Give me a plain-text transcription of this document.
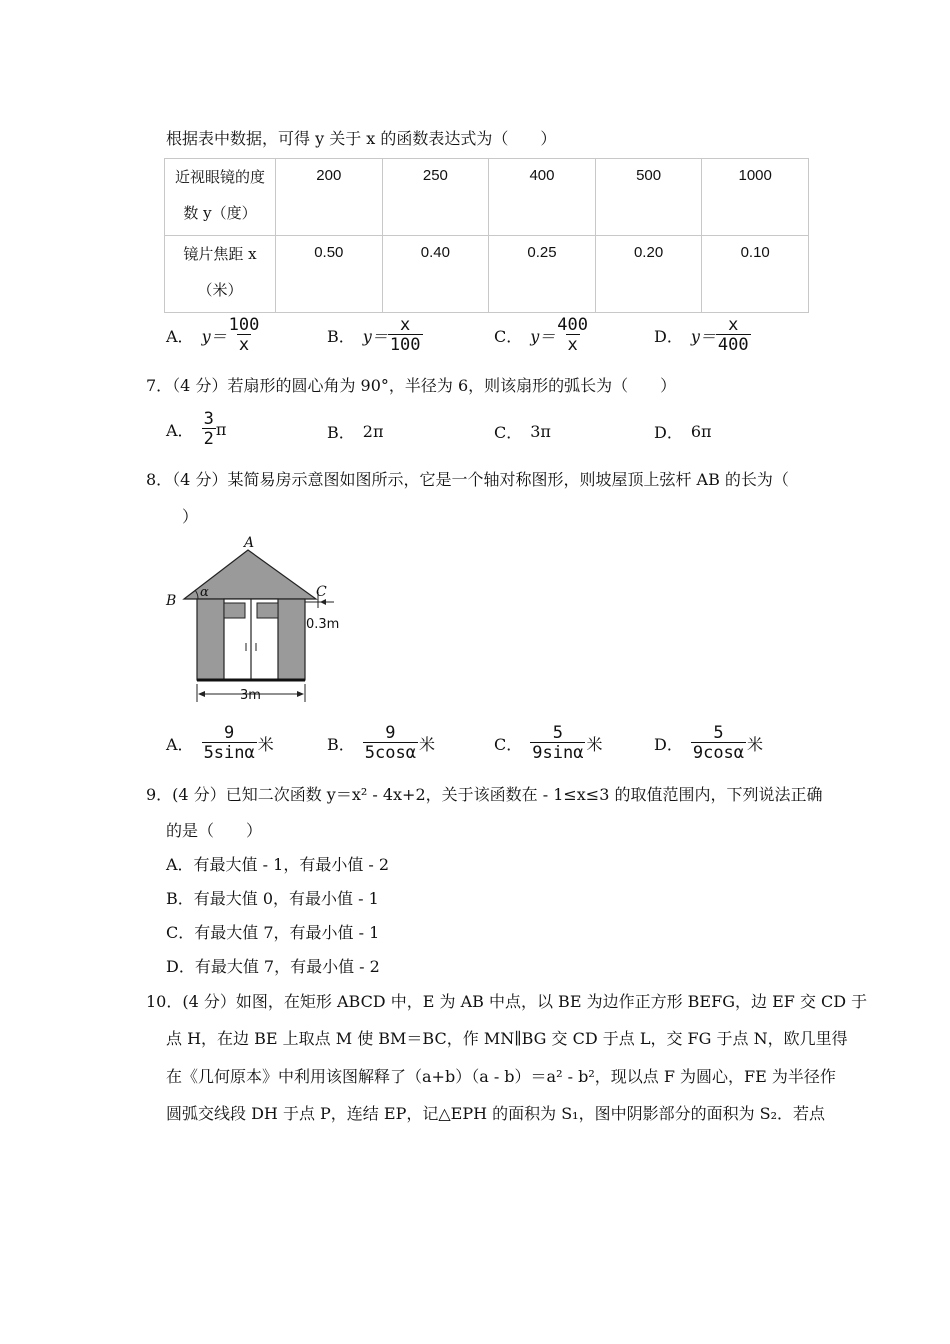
根据表中数据，可得 y 关于 x 的函数表达式为（　　）
近视眼镜的度
数 y（度）	200	250	400	500	1000

镜片焦距 x
（米）	0.50	0.40	0.25	0.20	0.10
A． $y= \frac{100}{x}$	B． $y= \frac{x}{100}$	C． $y= \frac{400}{x}$	D． $y= \frac{x}{400}$
7．（4 分）若扇形的圆心角为 90°，半径为 6，则该扇形的弧长为（　　）
A． $\frac{3}{2}$ π	B． 2π	C． 3π	D． 6π
8．（4 分）某简易房示意图如图所示，它是一个轴对称图形，则坡屋顶上弦杆 AB 的长为（
）
A
B
C
α
0.3m
3m
A． $\frac{9}{5\sin\alpha}$ 米	B． $\frac{9}{5\cos\alpha}$ 米	C． $\frac{5}{9\sin\alpha}$ 米	D． $\frac{5}{9\cos\alpha}$ 米
9．(4 分）已知二次函数 y＝x² - 4x+2，关于该函数在 - 1≤x≤3 的取值范围内，下列说法正确
的是（　　）
A．有最大值 - 1，有最小值 - 2
B．有最大值 0，有最小值 - 1
C．有最大值 7，有最小值 - 1
D．有最大值 7，有最小值 - 2
10．(4 分）如图，在矩形 ABCD 中，E 为 AB 中点，以 BE 为边作正方形 BEFG，边 EF 交 CD 于
点 H，在边 BE 上取点 M 使 BM＝BC，作 MN∥BG 交 CD 于点 L，交 FG 于点 N，欧几里得
在《几何原本》中利用该图解释了（a+b）（a - b）＝a² - b²，现以点 F 为圆心，FE 为半径作
圆弧交线段 DH 于点 P，连结 EP，记△EPH 的面积为 S₁，图中阴影部分的面积为 S₂．若点
